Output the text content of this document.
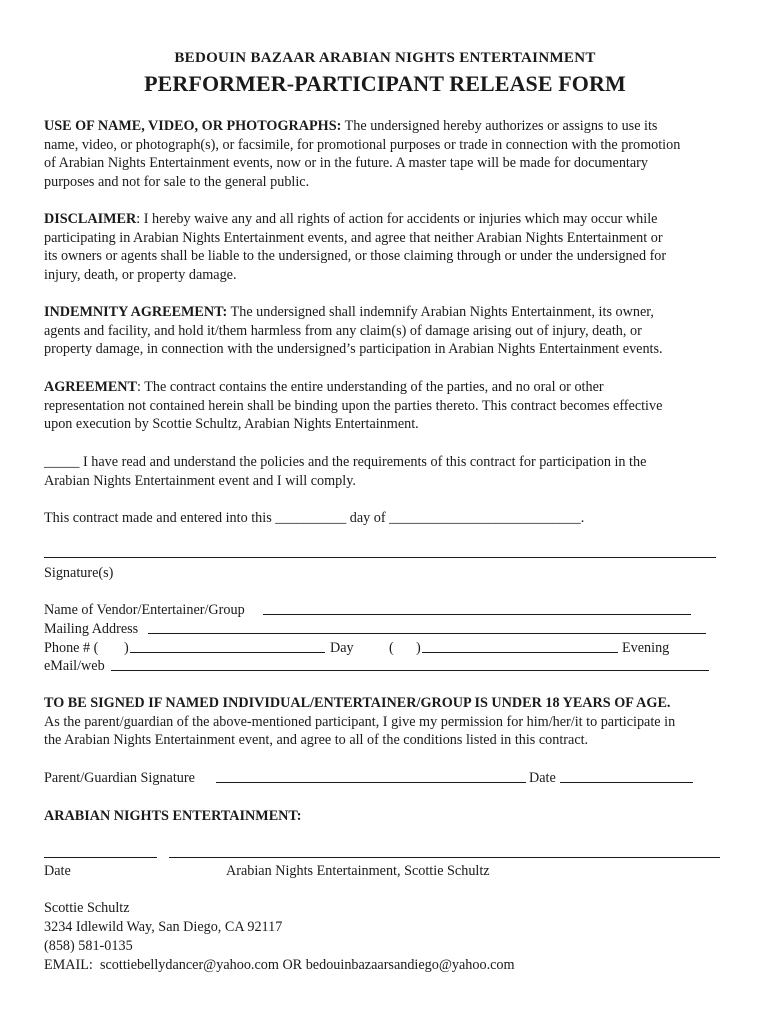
BEDOUIN BAZAAR ARABIAN NIGHTS ENTERTAINMENT
PERFORMER-PARTICIPANT RELEASE FORM
USE OF NAME, VIDEO, OR PHOTOGRAPHS: The undersigned hereby authorizes or assigns to use its
name, video, or photograph(s), or facsimile, for promotional purposes or trade in connection with the promotion
of Arabian Nights Entertainment events, now or in the future. A master tape will be made for documentary
purposes and not for sale to the general public.
DISCLAIMER: I hereby waive any and all rights of action for accidents or injuries which may occur while
participating in Arabian Nights Entertainment events, and agree that neither Arabian Nights Entertainment or
its owners or agents shall be liable to the undersigned, or those claiming through or under the undersigned for
injury, death, or property damage.
INDEMNITY AGREEMENT: The undersigned shall indemnify Arabian Nights Entertainment, its owner,
agents and facility, and hold it/them harmless from any claim(s) of damage arising out of injury, death, or
property damage, in connection with the undersigned’s participation in Arabian Nights Entertainment events.
AGREEMENT: The contract contains the entire understanding of the parties, and no oral or other
representation not contained herein shall be binding upon the parties thereto. This contract becomes effective
upon execution by Scottie Schultz, Arabian Nights Entertainment.
_____ I have read and understand the policies and the requirements of this contract for participation in the
Arabian Nights Entertainment event and I will comply.
This contract made and entered into this __________ day of ___________________________.
Signature(s)
Name of Vendor/Entertainer/Group
Mailing Address
Phone # ( )	Day ( )	Evening
eMail/web
TO BE SIGNED IF NAMED INDIVIDUAL/ENTERTAINER/GROUP IS UNDER 18 YEARS OF AGE.
As the parent/guardian of the above-mentioned participant, I give my permission for him/her/it to participate in
the Arabian Nights Entertainment event, and agree to all of the conditions listed in this contract.
Parent/Guardian Signature	Date
ARABIAN NIGHTS ENTERTAINMENT:
Date	Arabian Nights Entertainment, Scottie Schultz
Scottie Schultz
3234 Idlewild Way, San Diego, CA 92117
(858) 581-0135
EMAIL: scottiebellydancer@yahoo.com OR bedouinbazaarsandiego@yahoo.com
